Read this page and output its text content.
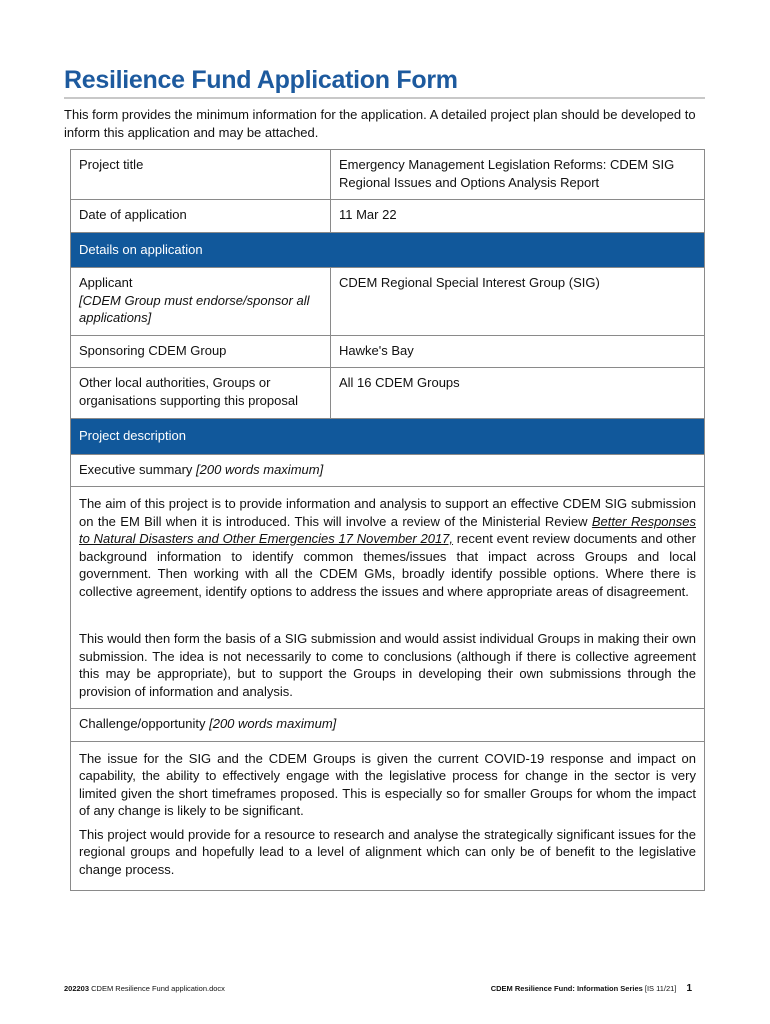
Resilience Fund Application Form
This form provides the minimum information for the application. A detailed project plan should be developed to inform this application and may be attached.
Project title	Emergency Management Legislation Reforms: CDEM SIG Regional Issues and Options Analysis Report
Date of application	11 Mar 22
Details on application	

Applicant
[CDEM Group must endorse/sponsor all applications]	CDEM Regional Special Interest Group (SIG)
Sponsoring CDEM Group	Hawke's Bay
Other local authorities, Groups or organisations supporting this proposal	All 16 CDEM Groups
Project description	
Executive summary [200 words maximum]	

The aim of this project is to provide information and analysis to support an effective CDEM SIG submission on the EM Bill when it is introduced. This will involve a review of the Ministerial Review Better Responses to Natural Disasters and Other Emergencies 17 November 2017, recent event review documents and other background information to identify common themes/issues that impact across Groups and local government. Then working with all the CDEM GMs, broadly identify possible options. Where there is collective agreement, identify options to address the issues and where appropriate areas of disagreement.
This would then form the basis of a SIG submission and would assist individual Groups in making their own submission. The idea is not necessarily to come to conclusions (although if there is collective agreement this may be appropriate), but to support the Groups in developing their own submissions through the provision of information and analysis.	

Challenge/opportunity [200 words maximum]	

The issue for the SIG and the CDEM Groups is given the current COVID-19 response and impact on capability, the ability to effectively engage with the legislative process for change in the sector is very limited given the short timeframes proposed. This is especially so for smaller Groups for whom the impact of any change is likely to be significant.
This project would provide for a resource to research and analyse the strategically significant issues for the regional groups and hopefully lead to a level of alignment which can only be of benefit to the legislative change process.	
202203 CDEM Resilience Fund application.docx	CDEM Resilience Fund: Information Series [IS 11/21] 1
